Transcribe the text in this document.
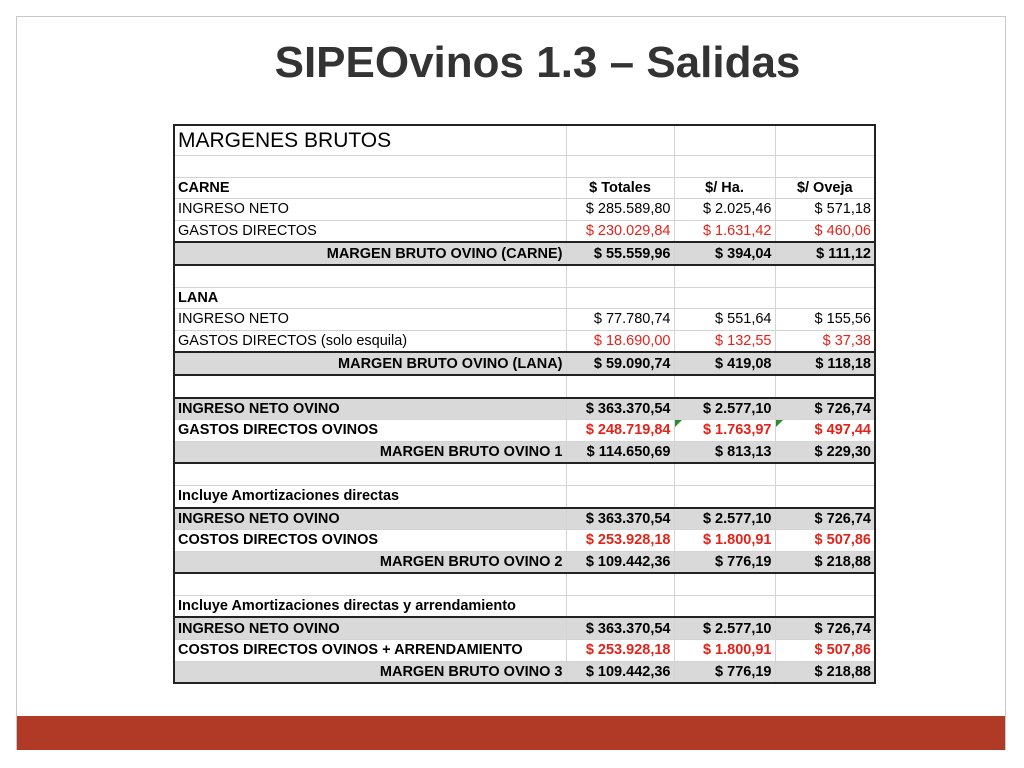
SIPEOvinos 1.3 – Salidas
MARGENES BRUTOS			

CARNE	$ Totales	$/ Ha.	$/ Oveja
INGRESO NETO	$ 285.589,80	$ 2.025,46	$ 571,18
GASTOS DIRECTOS	$ 230.029,84	$ 1.631,42	$ 460,06
MARGEN BRUTO OVINO (CARNE)	$ 55.559,96	$ 394,04	$ 111,12

LANA			
INGRESO NETO	$ 77.780,74	$ 551,64	$ 155,56
GASTOS DIRECTOS (solo esquila)	$ 18.690,00	$ 132,55	$ 37,38
MARGEN BRUTO OVINO (LANA)	$ 59.090,74	$ 419,08	$ 118,18

INGRESO NETO OVINO	$ 363.370,54	$ 2.577,10	$ 726,74
GASTOS DIRECTOS OVINOS	$ 248.719,84	$ 1.763,97	$ 497,44
MARGEN BRUTO OVINO 1	$ 114.650,69	$ 813,13	$ 229,30

Incluye Amortizaciones directas			
INGRESO NETO OVINO	$ 363.370,54	$ 2.577,10	$ 726,74
COSTOS DIRECTOS OVINOS	$ 253.928,18	$ 1.800,91	$ 507,86
MARGEN BRUTO OVINO 2	$ 109.442,36	$ 776,19	$ 218,88

Incluye Amortizaciones directas y arrendamiento			
INGRESO NETO OVINO	$ 363.370,54	$ 2.577,10	$ 726,74
COSTOS DIRECTOS OVINOS + ARRENDAMIENTO	$ 253.928,18	$ 1.800,91	$ 507,86
MARGEN BRUTO OVINO 3	$ 109.442,36	$ 776,19	$ 218,88
